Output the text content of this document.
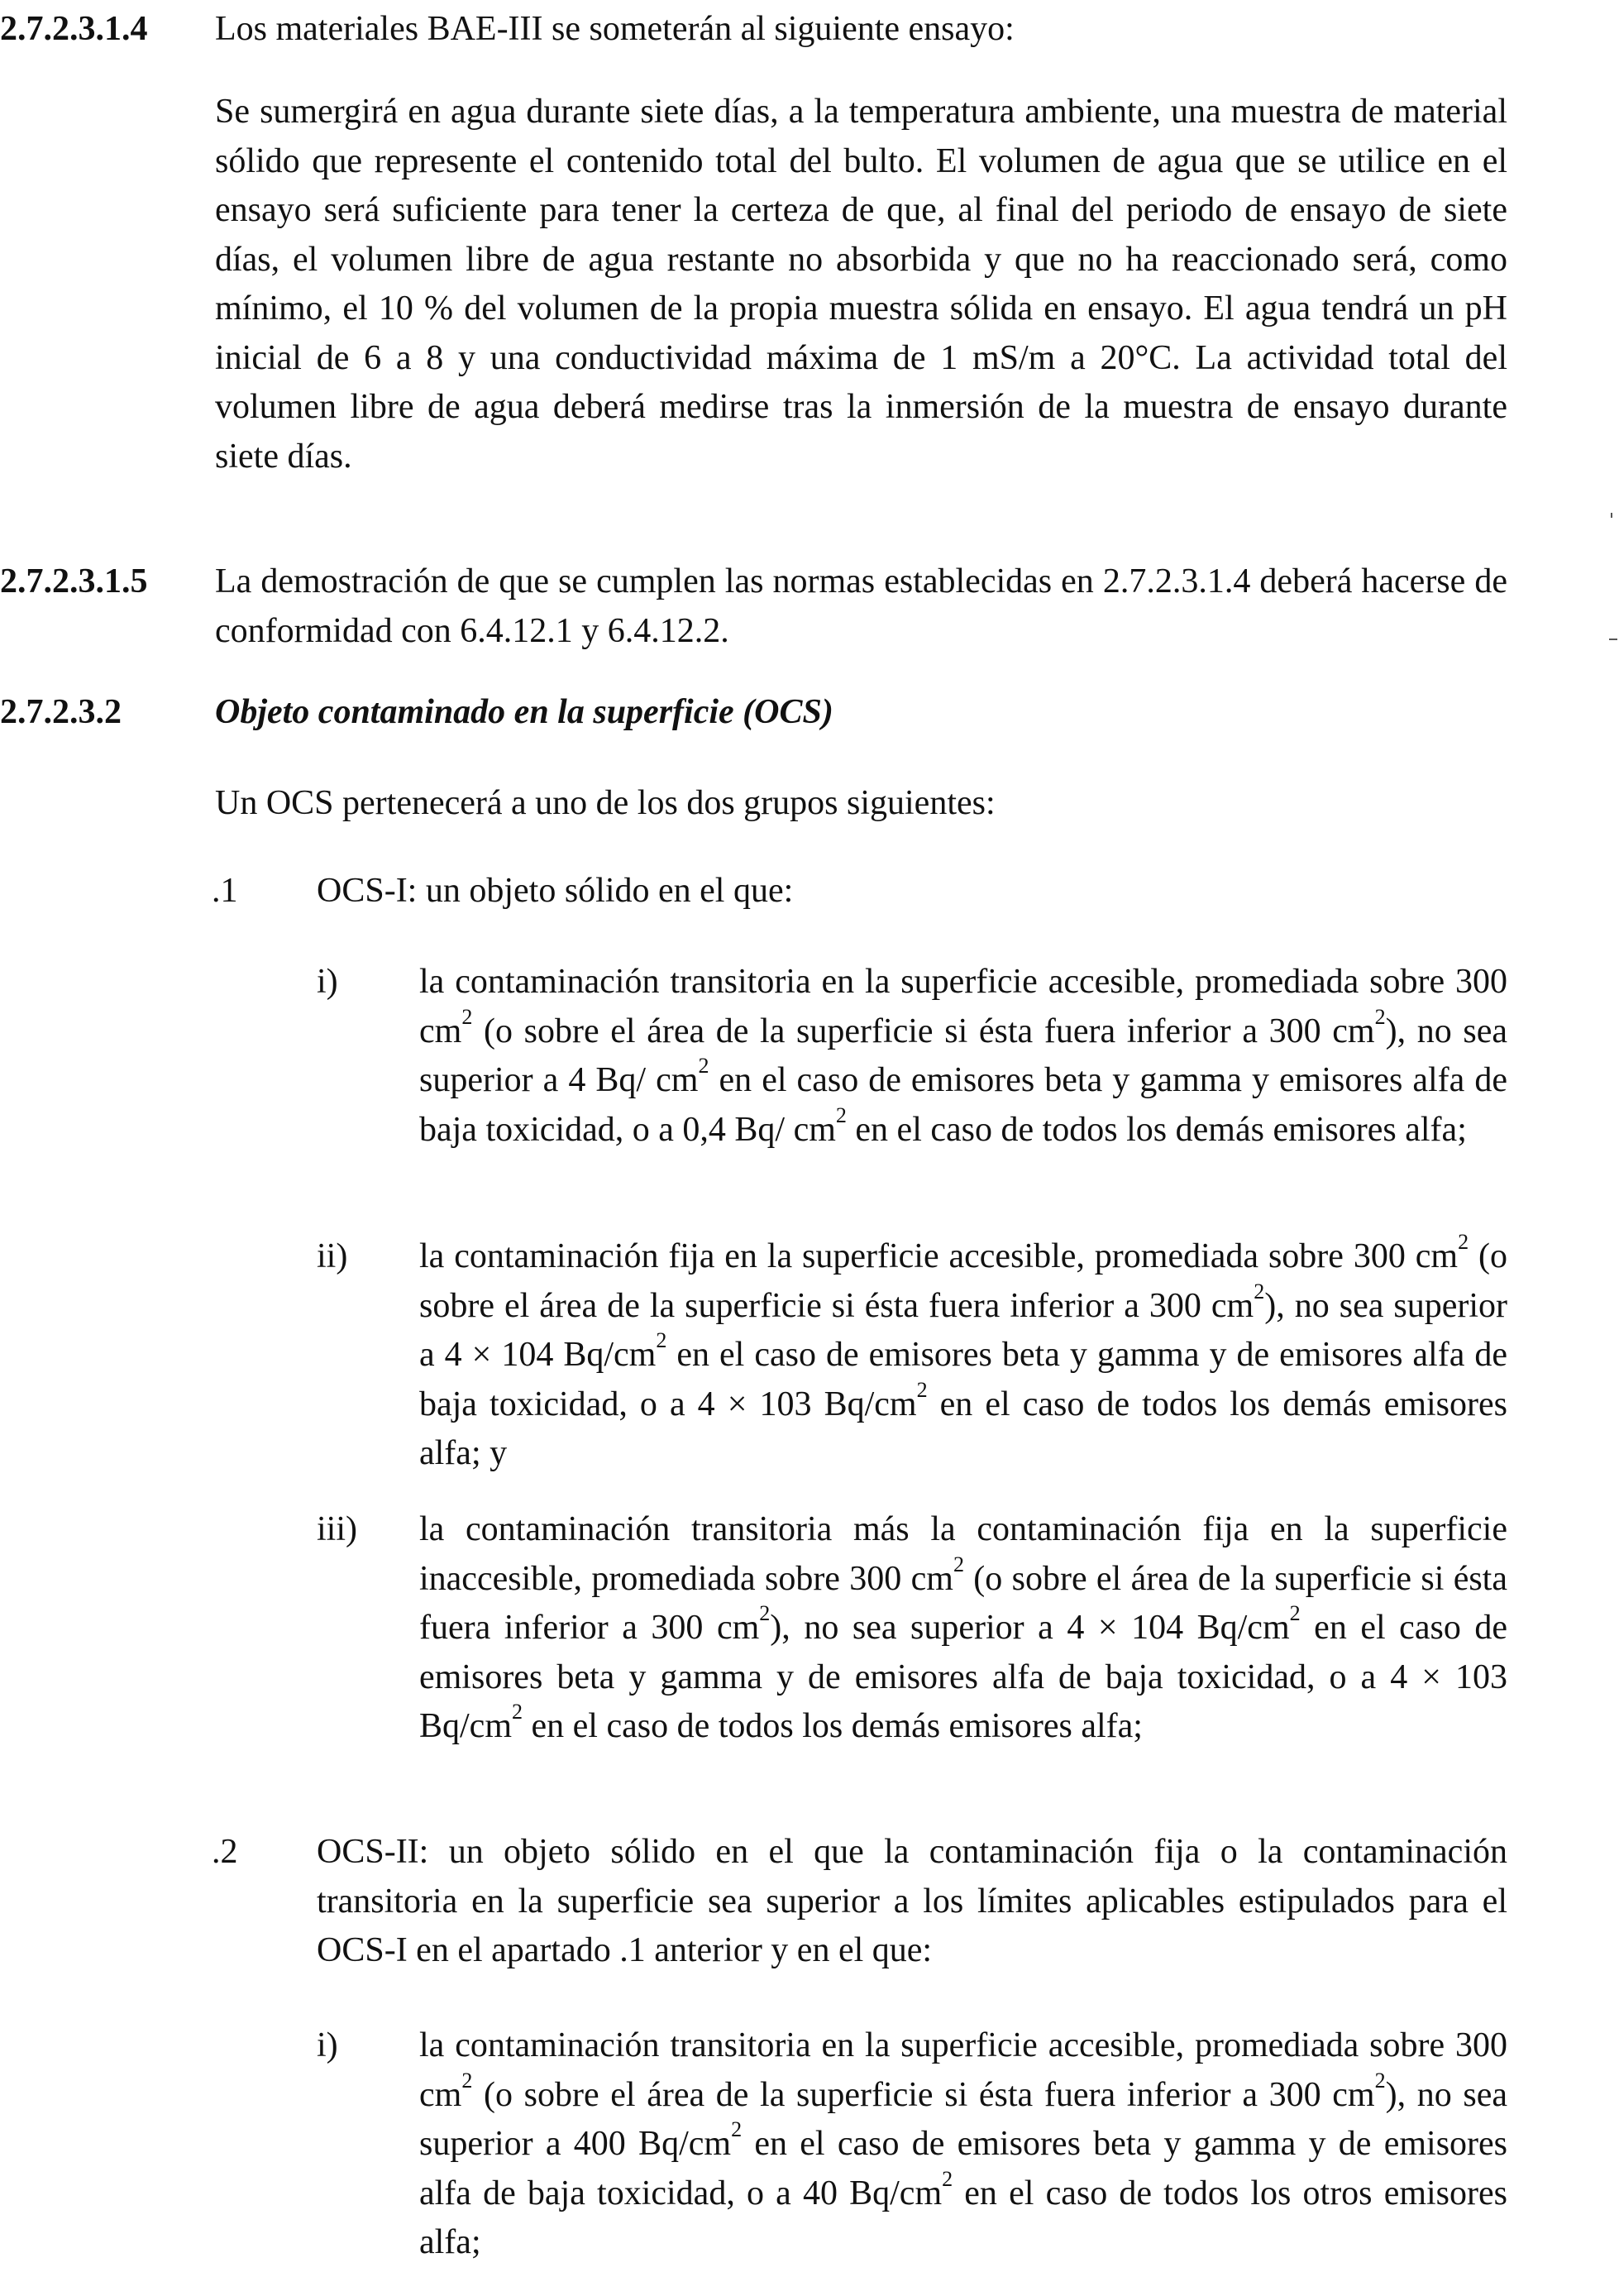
2.7.2.3.1.4 Los materiales BAE-III se someterán al siguiente ensayo:

Se sumergirá en agua durante siete días, a la temperatura ambiente, una muestra de material sólido que represente el contenido total del bulto. El volumen de agua que se utilice en el ensayo será suficiente para tener la certeza de que, al final del periodo de ensayo de siete días, el volumen libre de agua restante no absorbida y que no ha reaccionado será, como mínimo, el 10 % del volumen de la propia muestra sólida en ensayo. El agua tendrá un pH inicial de 6 a 8 y una conductividad máxima de 1 mS/m a 20°C. La actividad total del volumen libre de agua deberá medirse tras la inmersión de la muestra de ensayo durante siete días.

2.7.2.3.1.5 La demostración de que se cumplen las normas establecidas en 2.7.2.3.1.4 deberá hacerse de conformidad con 6.4.12.1 y 6.4.12.2.

2.7.2.3.2	Objeto contaminado en la superficie (OCS)

Un OCS pertenecerá a uno de los dos grupos siguientes:

.1 OCS-I: un objeto sólido en el que:

i) la contaminación transitoria en la superficie accesible, promediada sobre 300 $cm^2$ (o sobre el área de la superficie si ésta fuera inferior a 300 $cm^2$), no sea superior a 4 Bq/ $cm^2$ en el caso de emisores beta y gamma y emisores alfa de baja toxicidad, o a 0,4 Bq/ $cm^2$ en el caso de todos los demás emisores alfa;

ii) la contaminación fija en la superficie accesible, promediada sobre 300 $cm^2$ (o sobre el área de la superficie si ésta fuera inferior a 300 $cm^2$), no sea superior a 4 × 104 $Bq/cm^2$ en el caso de emisores beta y gamma y de emisores alfa de baja toxicidad, o a 4 × 103 $Bq/cm^2$ en el caso de todos los demás emisores alfa; y

iii) la contaminación transitoria más la contaminación fija en la superficie inaccesible, promediada sobre 300 $cm^2$ (o sobre el área de la superficie si ésta fuera inferior a 300 $cm^2$), no sea superior a 4 × 104 $Bq/cm^2$ en el caso de emisores beta y gamma y de emisores alfa de baja toxicidad, o a 4 × 103 $Bq/cm^2$ en el caso de todos los demás emisores alfa;

.2 OCS-II: un objeto sólido en el que la contaminación fija o la contaminación transitoria en la superficie sea superior a los límites aplicables estipulados para el OCS-I en el apartado .1 anterior y en el que:

i) la contaminación transitoria en la superficie accesible, promediada sobre 300 $cm^2$ (o sobre el área de la superficie si ésta fuera inferior a 300 $cm^2$), no sea superior a 400 $Bq/cm^2$ en el caso de emisores beta y gamma y de emisores alfa de baja toxicidad, o a 40 $Bq/cm^2$ en el caso de todos los otros emisores alfa;
